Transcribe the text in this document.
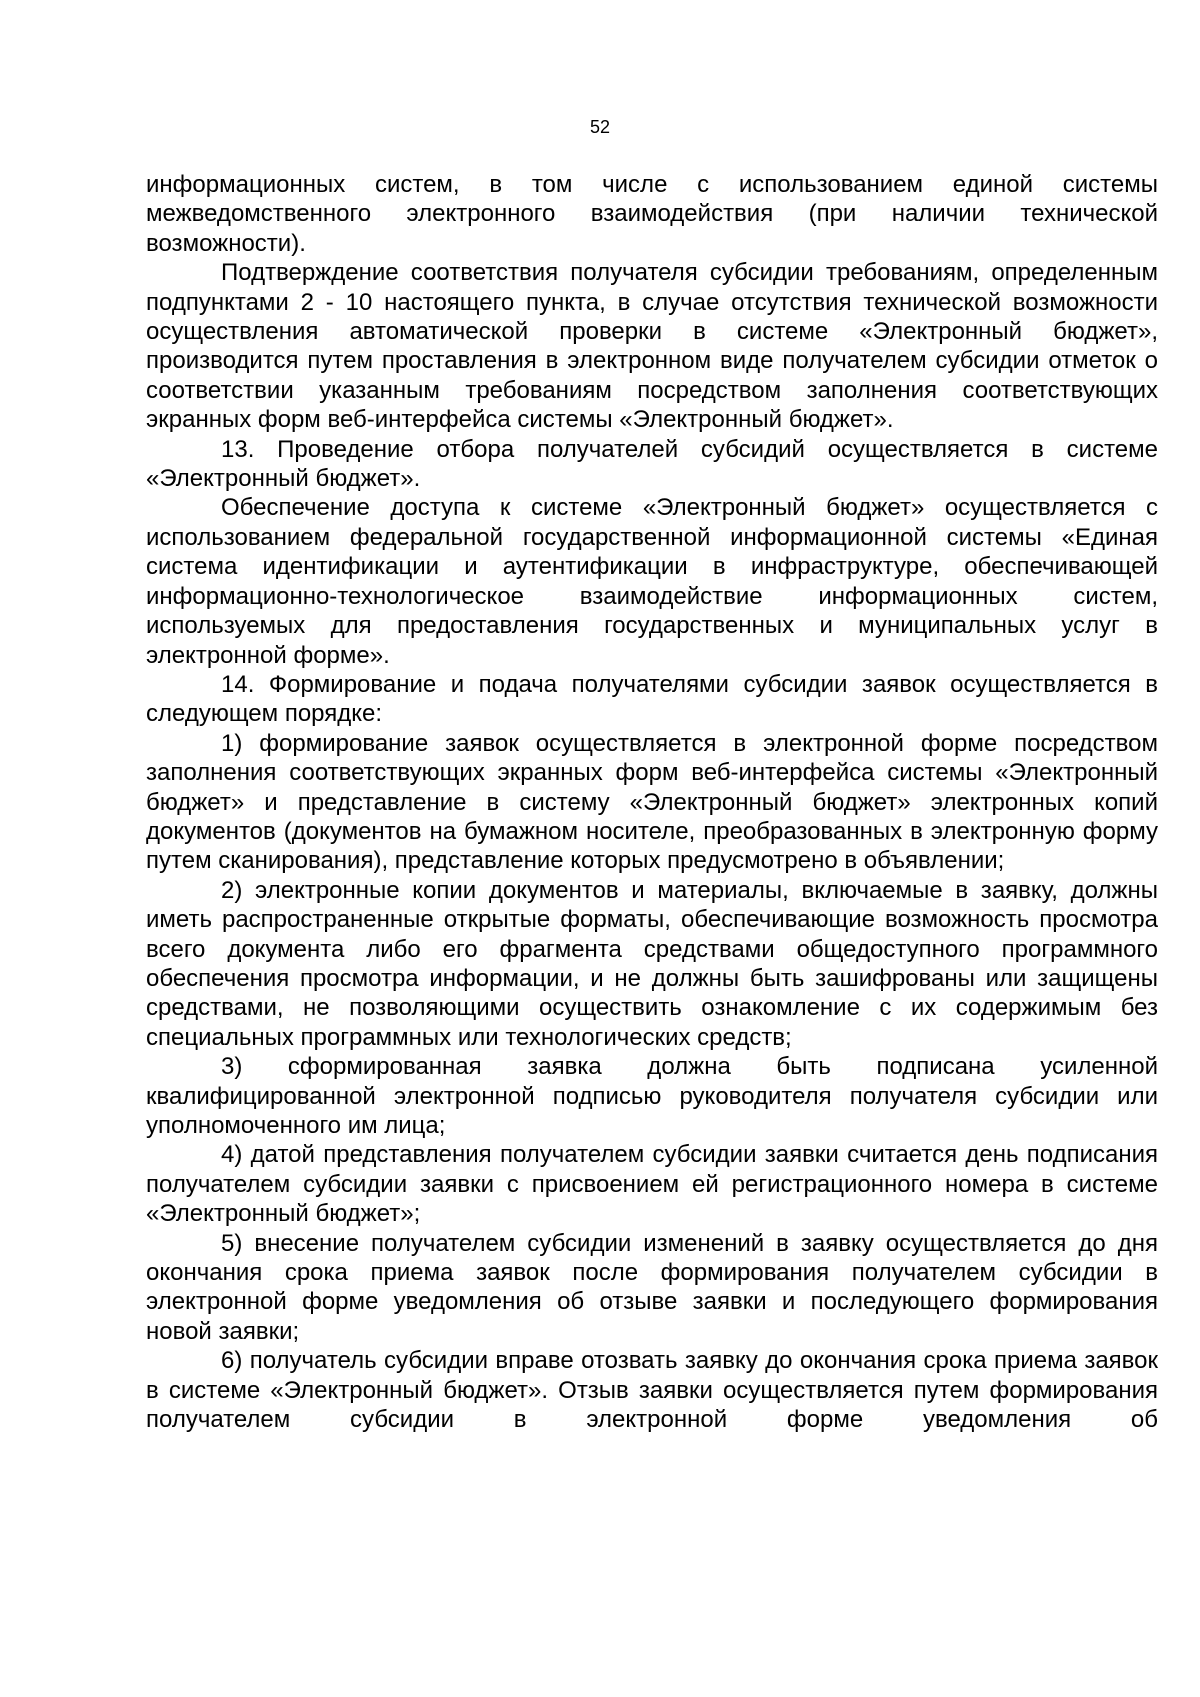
52

информационных систем, в том числе с использованием единой системы межведомственного электронного взаимодействия (при наличии технической возможности).

Подтверждение соответствия получателя субсидии требованиям, определенным подпунктами 2 - 10 настоящего пункта, в случае отсутствия технической возможности осуществления автоматической проверки в системе «Электронный бюджет», производится путем проставления в электронном виде получателем субсидии отметок о соответствии указанным требованиям посредством заполнения соответствующих экранных форм веб-интерфейса системы «Электронный бюджет».

13. Проведение отбора получателей субсидий осуществляется в системе «Электронный бюджет».

Обеспечение доступа к системе «Электронный бюджет» осуществляется с использованием федеральной государственной информационной системы «Единая система идентификации и аутентификации в инфраструктуре, обеспечивающей информационно-технологическое взаимодействие информационных систем, используемых для предоставления государственных и муниципальных услуг в электронной форме».

14. Формирование и подача получателями субсидии заявок осуществляется в следующем порядке:

1) формирование заявок осуществляется в электронной форме посредством заполнения соответствующих экранных форм веб-интерфейса системы «Электронный бюджет» и представление в систему «Электронный бюджет» электронных копий документов (документов на бумажном носителе, преобразованных в электронную форму путем сканирования), представление которых предусмотрено в объявлении;

2) электронные копии документов и материалы, включаемые в заявку, должны иметь распространенные открытые форматы, обеспечивающие возможность просмотра всего документа либо его фрагмента средствами общедоступного программного обеспечения просмотра информации, и не должны быть зашифрованы или защищены средствами, не позволяющими осуществить ознакомление с их содержимым без специальных программных или технологических средств;

3) сформированная заявка должна быть подписана усиленной квалифицированной электронной подписью руководителя получателя субсидии или уполномоченного им лица;

4) датой представления получателем субсидии заявки считается день подписания получателем субсидии заявки с присвоением ей регистрационного номера в системе «Электронный бюджет»;

5) внесение получателем субсидии изменений в заявку осуществляется до дня окончания срока приема заявок после формирования получателем субсидии в электронной форме уведомления об отзыве заявки и последующего формирования новой заявки;

6) получатель субсидии вправе отозвать заявку до окончания срока приема заявок в системе «Электронный бюджет». Отзыв заявки осуществляется путем формирования получателем субсидии в электронной форме уведомления об
